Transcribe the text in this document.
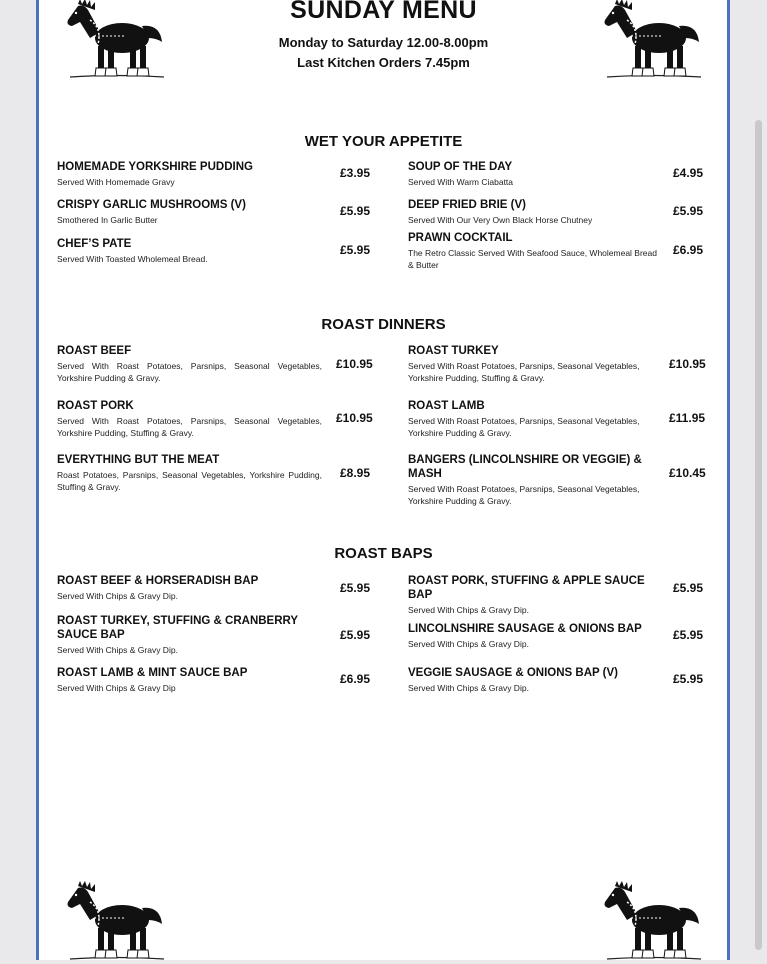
SUNDAY MENU
Monday to Saturday 12.00-8.00pm
Last Kitchen Orders 7.45pm
WET YOUR APPETITE
HOMEMADE YORKSHIRE PUDDING
Served With Homemade Gravy
£3.95	SOUP OF THE DAY
Served With Warm Ciabatta
£4.95
CRISPY GARLIC MUSHROOMS (V)
Smothered In Garlic Butter
£5.95	DEEP FRIED BRIE (V)
Served With Our Very Own Black Horse Chutney
£5.95
CHEF’S PATE
Served With Toasted Wholemeal Bread.
£5.95
PRAWN COCKTAIL
The Retro Classic Served With Seafood Sauce, Wholemeal Bread & Butter
£6.95
ROAST DINNERS
ROAST BEEF
Served With Roast Potatoes, Parsnips, Seasonal Vegetables, Yorkshire Pudding & Gravy.
£10.95
ROAST TURKEY
Served With Roast Potatoes, Parsnips, Seasonal Vegetables, Yorkshire Pudding, Stuffing & Gravy.
£10.95
ROAST PORK
Served With Roast Potatoes, Parsnips, Seasonal Vegetables, Yorkshire Pudding, Stuffing & Gravy.
£10.95
ROAST LAMB
Served With Roast Potatoes, Parsnips, Seasonal Vegetables, Yorkshire Pudding & Gravy.
£11.95
EVERYTHING BUT THE MEAT
Roast Potatoes, Parsnips, Seasonal Vegetables, Yorkshire Pudding, Stuffing & Gravy.
£8.95
BANGERS (LINCOLNSHIRE OR VEGGIE) & MASH
Served With Roast Potatoes, Parsnips, Seasonal Vegetables, Yorkshire Pudding & Gravy.
£10.45
ROAST BAPS
ROAST BEEF & HORSERADISH BAP
Served With Chips & Gravy Dip.
£5.95	ROAST PORK, STUFFING & APPLE SAUCE BAP
Served With Chips & Gravy Dip.
£5.95
ROAST TURKEY, STUFFING & CRANBERRY SAUCE BAP
Served With Chips & Gravy Dip.
£5.95	LINCOLNSHIRE SAUSAGE & ONIONS BAP
Served With Chips & Gravy Dip.
£5.95
ROAST LAMB & MINT SAUCE BAP
Served With Chips & Gravy Dip
£6.95	VEGGIE SAUSAGE & ONIONS BAP (V)
Served With Chips & Gravy Dip.
£5.95
